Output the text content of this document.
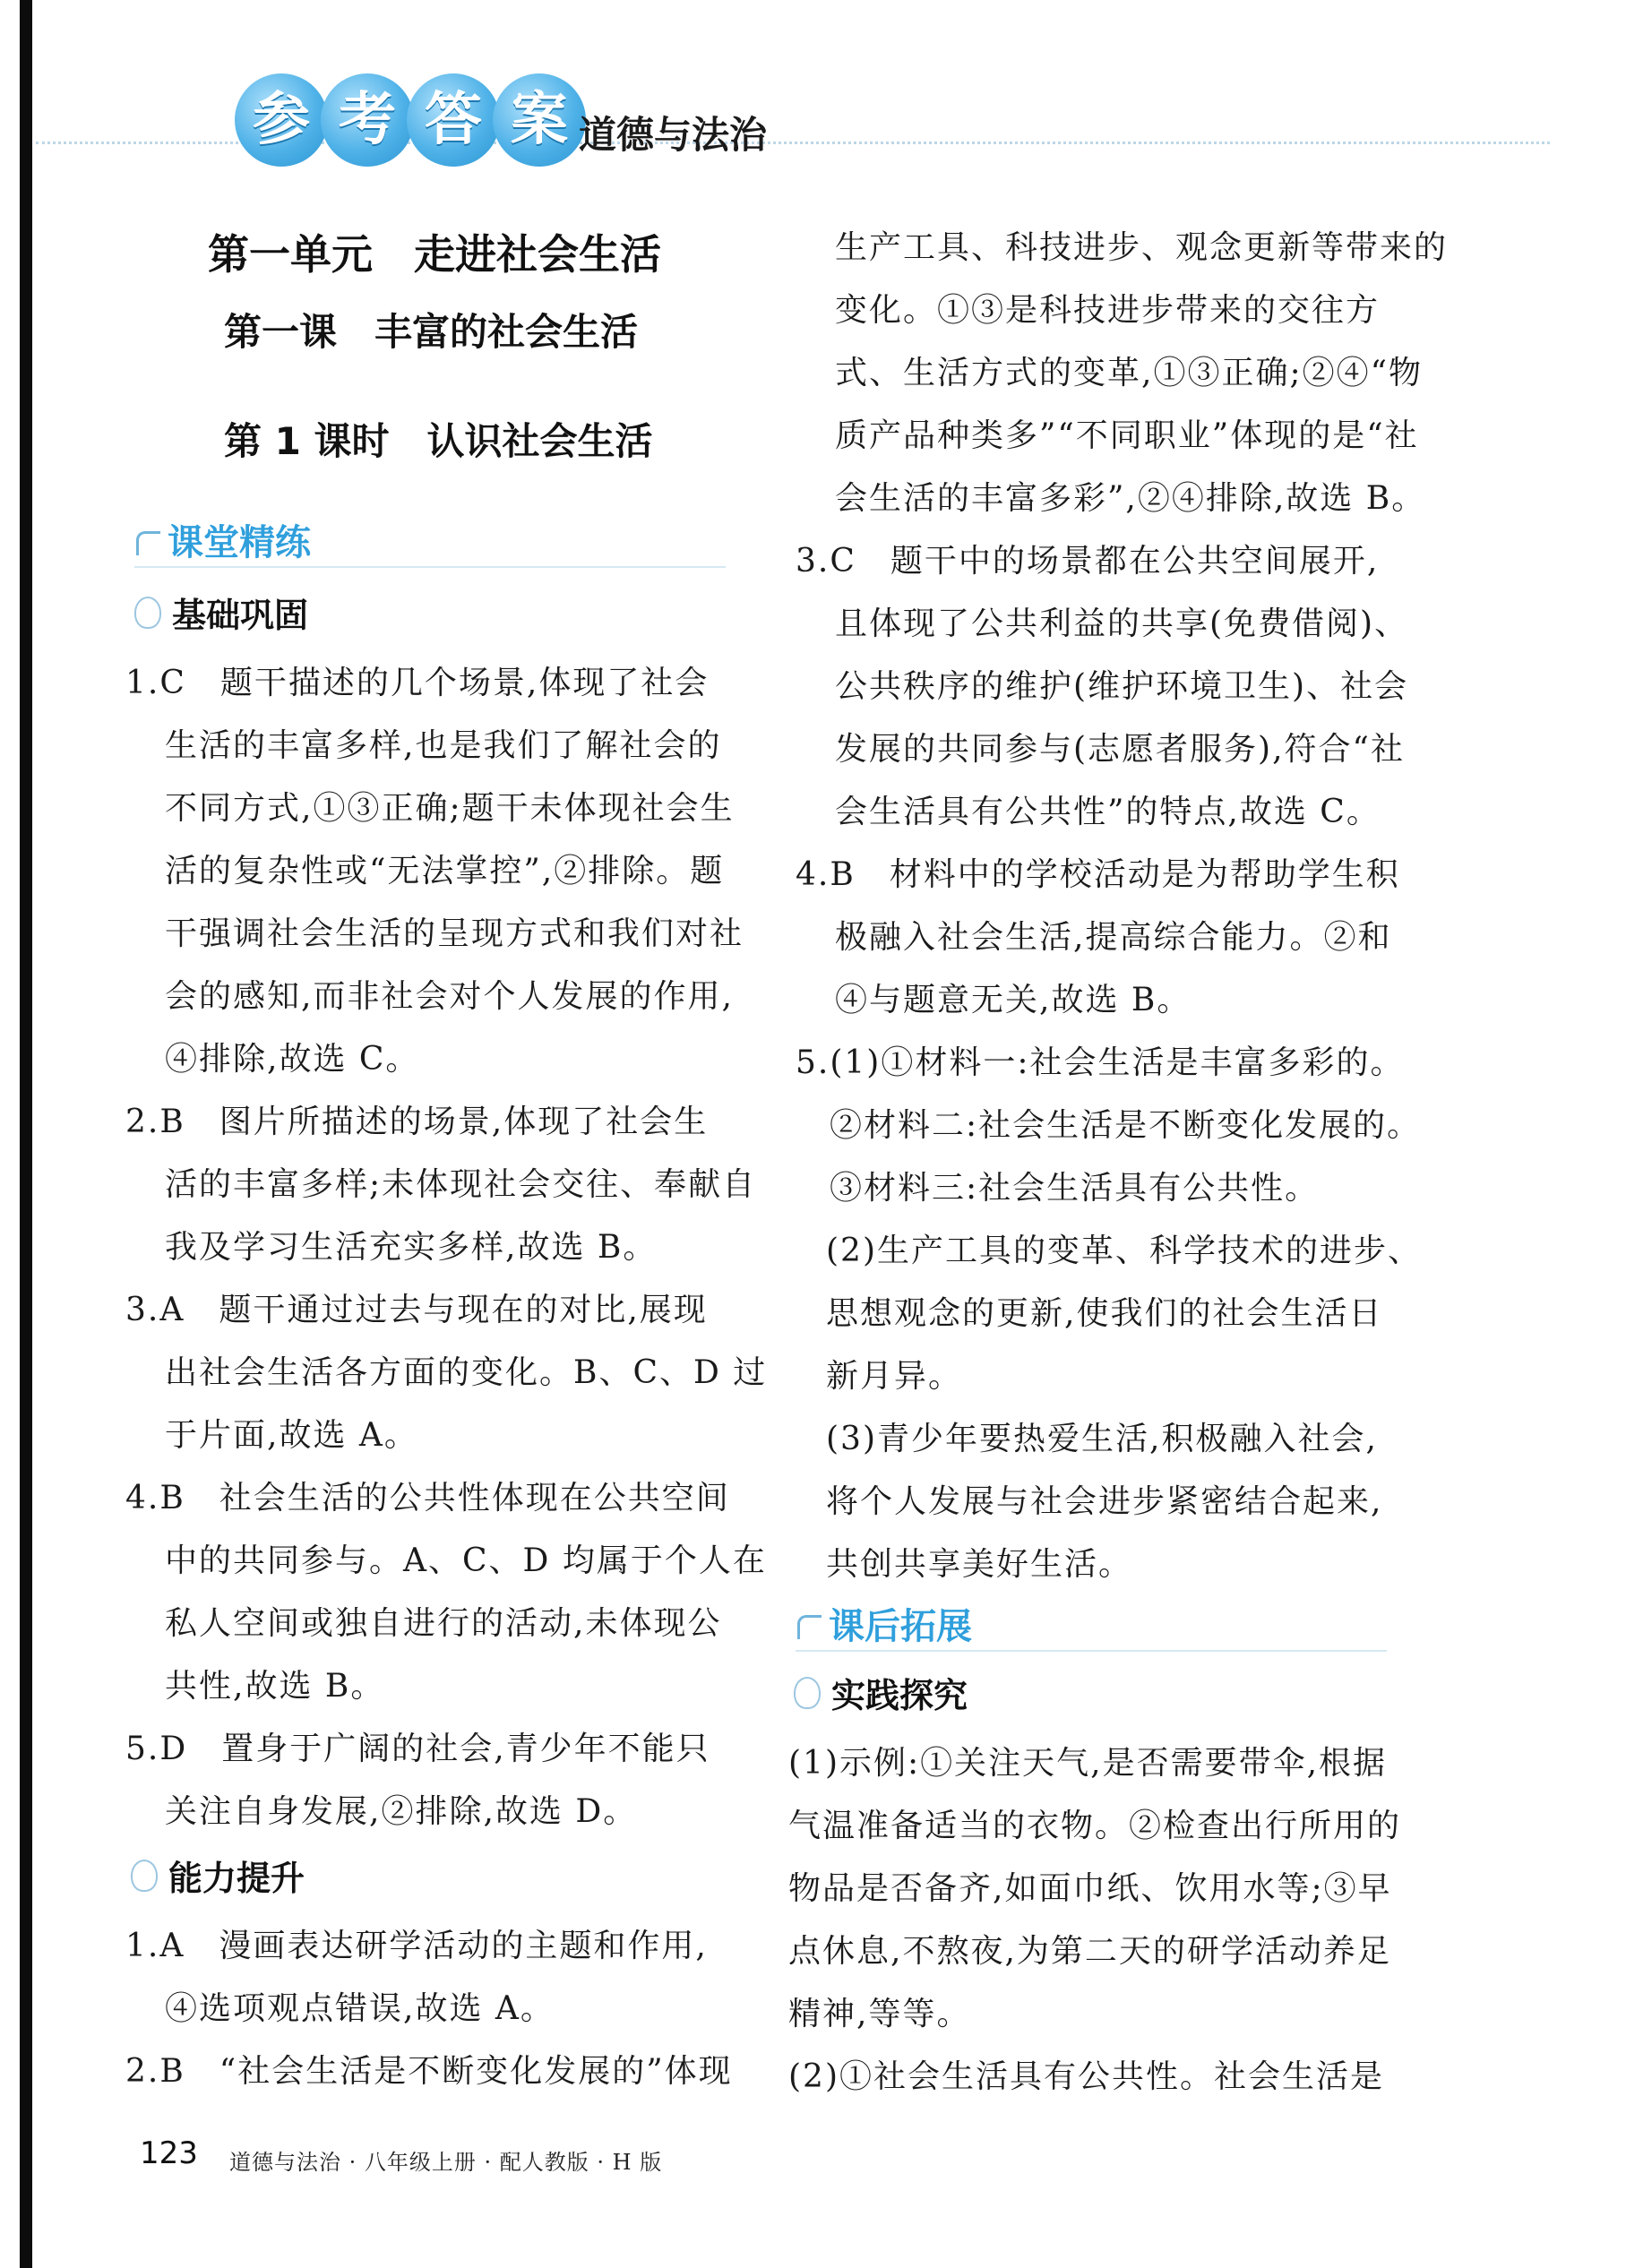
参 考 答 案 道德与法治
第一单元　走进社会生活
第一课　丰富的社会生活
第 1 课时　认识社会生活
课堂精练
基础巩固
1.C　题干描述的几个场景,体现了社会
生活的丰富多样,也是我们了解社会的
不同方式,①③正确;题干未体现社会生
活的复杂性或“无法掌控”,②排除。题
干强调社会生活的呈现方式和我们对社
会的感知,而非社会对个人发展的作用,
④排除,故选 C。
2.B　图片所描述的场景,体现了社会生
活的丰富多样;未体现社会交往、奉献自
我及学习生活充实多样,故选 B。
3.A　题干通过过去与现在的对比,展现
出社会生活各方面的变化。B、C、D 过
于片面,故选 A。
4.B　社会生活的公共性体现在公共空间
中的共同参与。A、C、D 均属于个人在
私人空间或独自进行的活动,未体现公
共性,故选 B。
5.D　置身于广阔的社会,青少年不能只
关注自身发展,②排除,故选 D。
能力提升
1.A　漫画表达研学活动的主题和作用,
④选项观点错误,故选 A。
2.B　“社会生活是不断变化发展的”体现
生产工具、科技进步、观念更新等带来的
变化。①③是科技进步带来的交往方
式、生活方式的变革,①③正确;②④“物
质产品种类多”“不同职业”体现的是“社
会生活的丰富多彩”,②④排除,故选 B。
3.C　题干中的场景都在公共空间展开,
且体现了公共利益的共享(免费借阅)、
公共秩序的维护(维护环境卫生)、社会
发展的共同参与(志愿者服务),符合“社
会生活具有公共性”的特点,故选 C。
4.B　材料中的学校活动是为帮助学生积
极融入社会生活,提高综合能力。②和
④与题意无关,故选 B。
5.(1)①材料一:社会生活是丰富多彩的。
②材料二:社会生活是不断变化发展的。
③材料三:社会生活具有公共性。
(2)生产工具的变革、科学技术的进步、
思想观念的更新,使我们的社会生活日
新月异。
(3)青少年要热爱生活,积极融入社会,
将个人发展与社会进步紧密结合起来,
共创共享美好生活。
课后拓展
实践探究
(1)示例:①关注天气,是否需要带伞,根据
气温准备适当的衣物。②检查出行所用的
物品是否备齐,如面巾纸、饮用水等;③早
点休息,不熬夜,为第二天的研学活动养足
精神,等等。
(2)①社会生活具有公共性。社会生活是
123 道德与法治 · 八年级上册 · 配人教版 · H 版
